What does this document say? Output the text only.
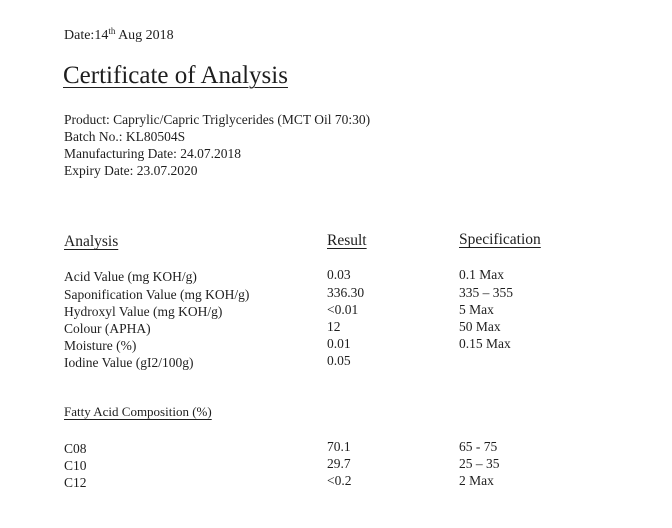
Date:14th Aug 2018
Certificate of Analysis
Product: Caprylic/Capric Triglycerides (MCT Oil 70:30)
Batch No.: KL80504S
Manufacturing Date: 24.07.2018
Expiry Date: 23.07.2020
Analysis	Result	Specification
Acid Value (mg KOH/g)	0.03	0.1 Max
Saponification Value (mg KOH/g)	336.30	335 – 355
Hydroxyl Value (mg KOH/g)	<0.01	5 Max
Colour (APHA)	12	50 Max
Moisture (%)	0.01	0.15 Max
Iodine Value (gI2/100g)	0.05
Fatty Acid Composition (%)
C08	70.1	65 - 75
C10	29.7	25 – 35
C12	<0.2	2 Max
